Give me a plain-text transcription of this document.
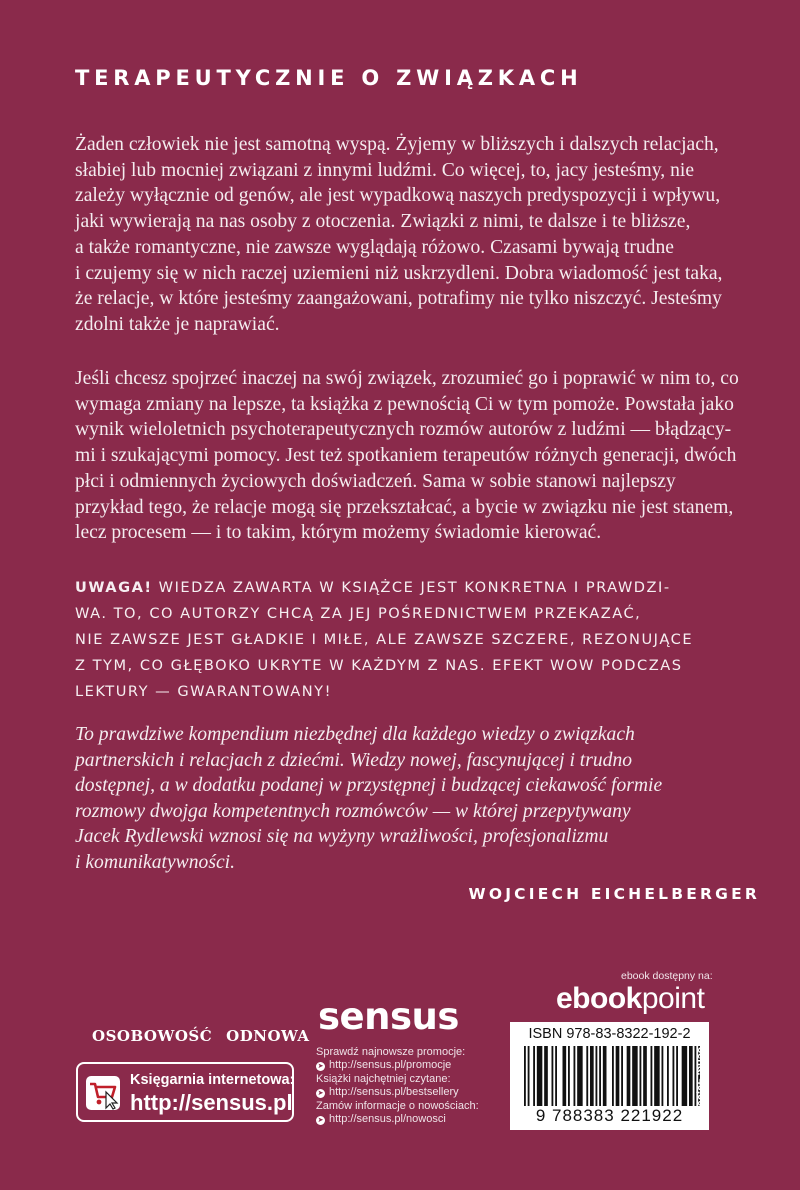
TERAPEUTYCZNIE O ZWIĄZKACH
Żaden człowiek nie jest samotną wyspą. Żyjemy w bliższych i dalszych relacjach,
słabiej lub mocniej związani z innymi ludźmi. Co więcej, to, jacy jesteśmy, nie
zależy wyłącznie od genów, ale jest wypadkową naszych predyspozycji i wpływu,
jaki wywierają na nas osoby z otoczenia. Związki z nimi, te dalsze i te bliższe,
a także romantyczne, nie zawsze wyglądają różowo. Czasami bywają trudne
i czujemy się w nich raczej uziemieni niż uskrzydleni. Dobra wiadomość jest taka,
że relacje, w które jesteśmy zaangażowani, potrafimy nie tylko niszczyć. Jesteśmy
zdolni także je naprawiać.
Jeśli chcesz spojrzeć inaczej na swój związek, zrozumieć go i poprawić w nim to, co
wymaga zmiany na lepsze, ta książka z pewnością Ci w tym pomoże. Powstała jako
wynik wieloletnich psychoterapeutycznych rozmów autorów z ludźmi — błądzący-
mi i szukającymi pomocy. Jest też spotkaniem terapeutów różnych generacji, dwóch
płci i odmiennych życiowych doświadczeń. Sama w sobie stanowi najlepszy
przykład tego, że relacje mogą się przekształcać, a bycie w związku nie jest stanem,
lecz procesem — i to takim, którym możemy świadomie kierować.
UWAGA! WIEDZA ZAWARTA W KSIĄŻCE JEST KONKRETNA I PRAWDZI-
WA. TO, CO AUTORZY CHCĄ ZA JEJ POŚREDNICTWEM PRZEKAZAĆ,
NIE ZAWSZE JEST GŁADKIE I MIŁE, ALE ZAWSZE SZCZERE, REZONUJĄCE
Z TYM, CO GŁĘBOKO UKRYTE W KAŻDYM Z NAS. EFEKT WOW PODCZAS
LEKTURY — GWARANTOWANY!
To prawdziwe kompendium niezbędnej dla każdego wiedzy o związkach
partnerskich i relacjach z dziećmi. Wiedzy nowej, fascynującej i trudno
dostępnej, a w dodatku podanej w przystępnej i budzącej ciekawość formie
rozmowy dwojga kompetentnych rozmówców — w której przepytywany
Jacek Rydlewski wznosi się na wyżyny wrażliwości, profesjonalizmu
i komunikatywności.
WOJCIECH EICHELBERGER
OSOBOWOŚĆ ODNOWA
Księgarnia internetowa:
http://sensus.pl
sensus
Sprawdź najnowsze promocje:
➤ http://sensus.pl/promocje
Książki najchętniej czytane:
➤ http://sensus.pl/bestsellery
Zamów informacje o nowościach:
➤ http://sensus.pl/nowosci
ebook dostępny na:
ebookpoint
ISBN 978-83-8322-192-2
9 788383 221922	cena: 49,90 zł
